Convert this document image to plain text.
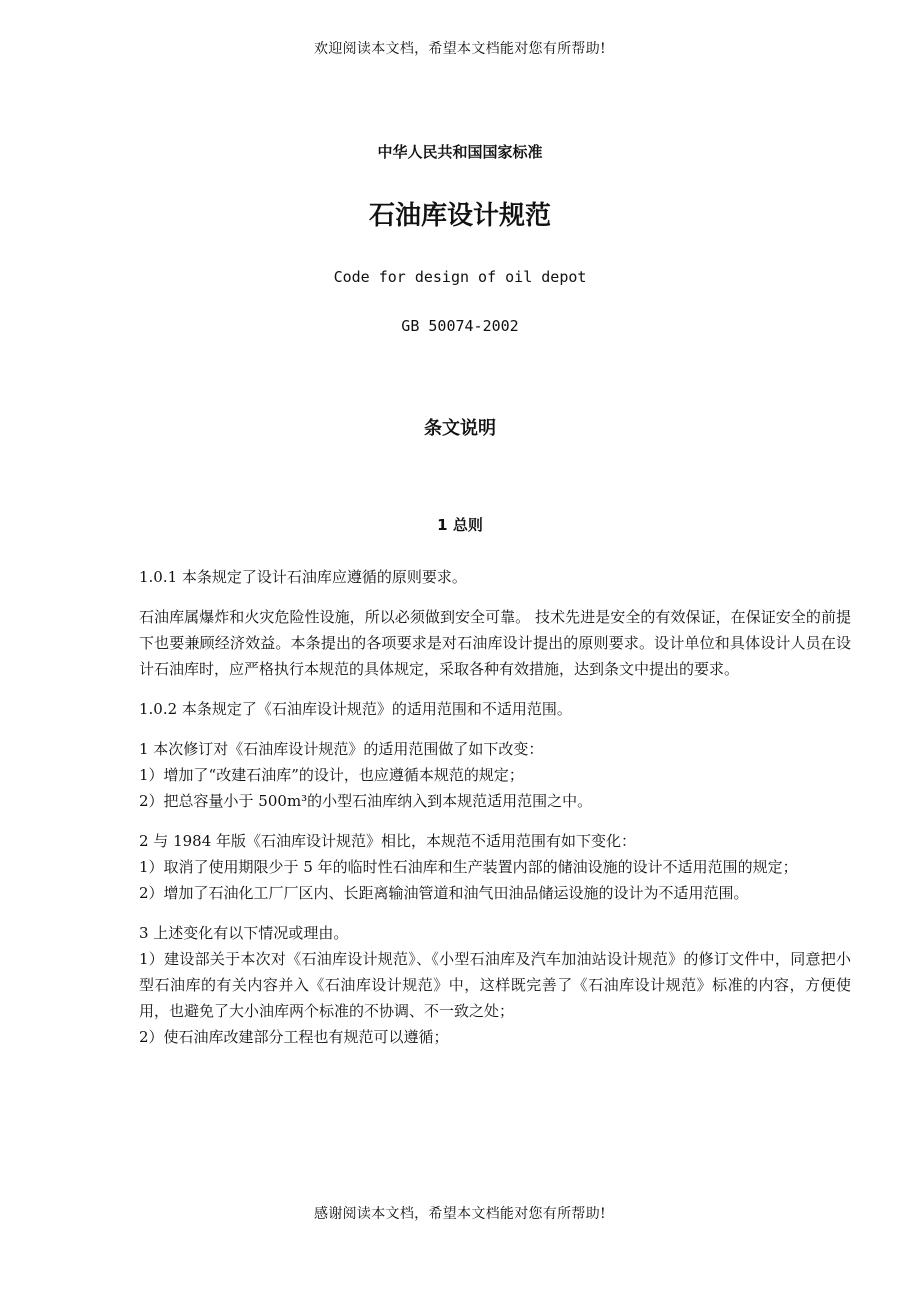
欢迎阅读本文档，希望本文档能对您有所帮助!
中华人民共和国国家标准
石油库设计规范
Code for design of oil depot
GB 50074-2002
条文说明
1 总则

1.0.1 本条规定了设计石油库应遵循的原则要求。

石油库属爆炸和火灾危险性设施，所以必须做到安全可靠。 技术先进是安全的有效保证，在保证安全的前提下也要兼顾经济效益。本条提出的各项要求是对石油库设计提出的原则要求。设计单位和具体设计人员在设计石油库时，应严格执行本规范的具体规定，采取各种有效措施，达到条文中提出的要求。

1.0.2 本条规定了《石油库设计规范》的适用范围和不适用范围。

1 本次修订对《石油库设计规范》的适用范围做了如下改变：
1）增加了“改建石油库”的设计，也应遵循本规范的规定；
2）把总容量小于 500m³的小型石油库纳入到本规范适用范围之中。

2 与 1984 年版《石油库设计规范》相比，本规范不适用范围有如下变化：
1）取消了使用期限少于 5 年的临时性石油库和生产装置内部的储油设施的设计不适用范围的规定；
2）增加了石油化工厂厂区内、长距离输油管道和油气田油品储运设施的设计为不适用范围。

3 上述变化有以下情况或理由。
1）建设部关于本次对《石油库设计规范》、《小型石油库及汽车加油站设计规范》的修订文件中，同意把小型石油库的有关内容并入《石油库设计规范》中，这样既完善了《石油库设计规范》标准的内容，方便使用，也避免了大小油库两个标准的不协调、不一致之处；
2）使石油库改建部分工程也有规范可以遵循；

感谢阅读本文档，希望本文档能对您有所帮助!
